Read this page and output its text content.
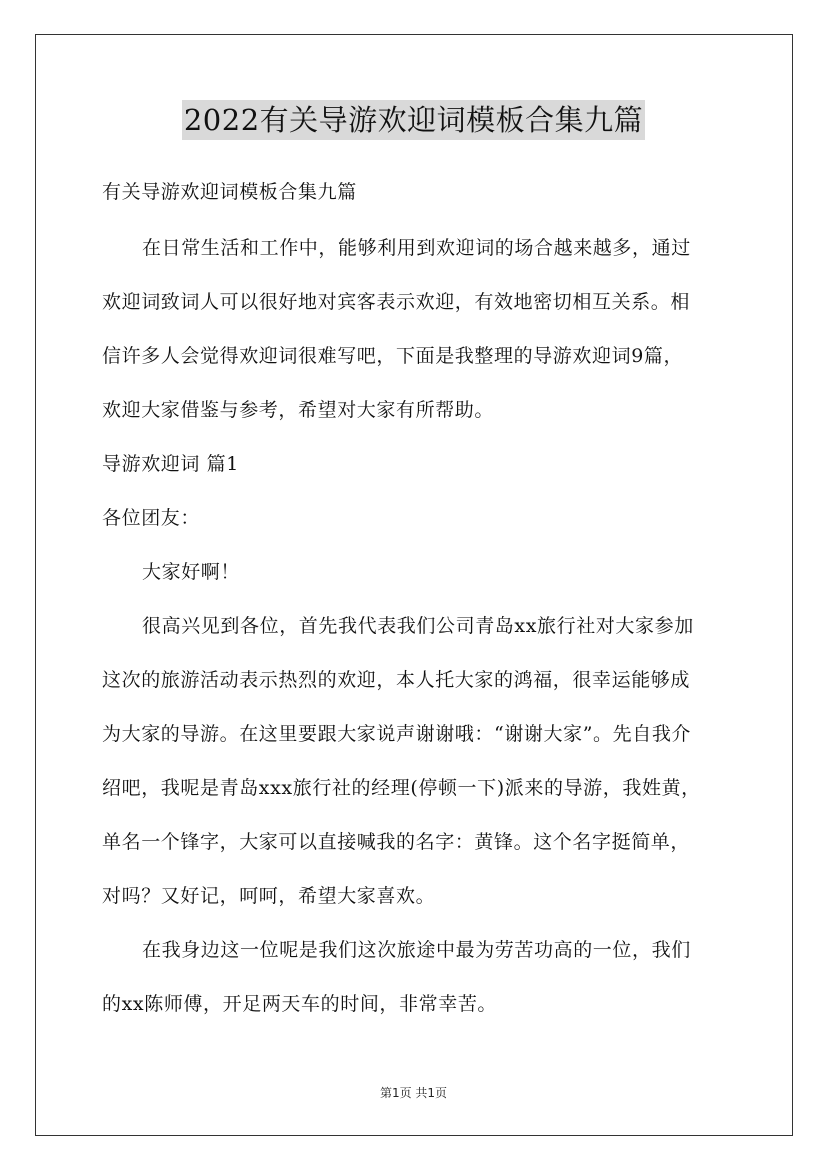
2022有关导游欢迎词模板合集九篇
有关导游欢迎词模板合集九篇
在日常生活和工作中，能够利用到欢迎词的场合越来越多，通过
欢迎词致词人可以很好地对宾客表示欢迎，有效地密切相互关系。相
信许多人会觉得欢迎词很难写吧，下面是我整理的导游欢迎词9篇，
欢迎大家借鉴与参考，希望对大家有所帮助。
导游欢迎词 篇1
各位团友：
大家好啊！
很高兴见到各位，首先我代表我们公司青岛xx旅行社对大家参加
这次的旅游活动表示热烈的欢迎，本人托大家的鸿福，很幸运能够成
为大家的导游。在这里要跟大家说声谢谢哦：“谢谢大家”。先自我介
绍吧，我呢是青岛xxx旅行社的经理(停顿一下)派来的导游，我姓黄，
单名一个锋字，大家可以直接喊我的名字：黄锋。这个名字挺简单，
对吗？又好记，呵呵，希望大家喜欢。
在我身边这一位呢是我们这次旅途中最为劳苦功高的一位，我们
的xx陈师傅，开足两天车的时间，非常幸苦。
第1页 共1页
